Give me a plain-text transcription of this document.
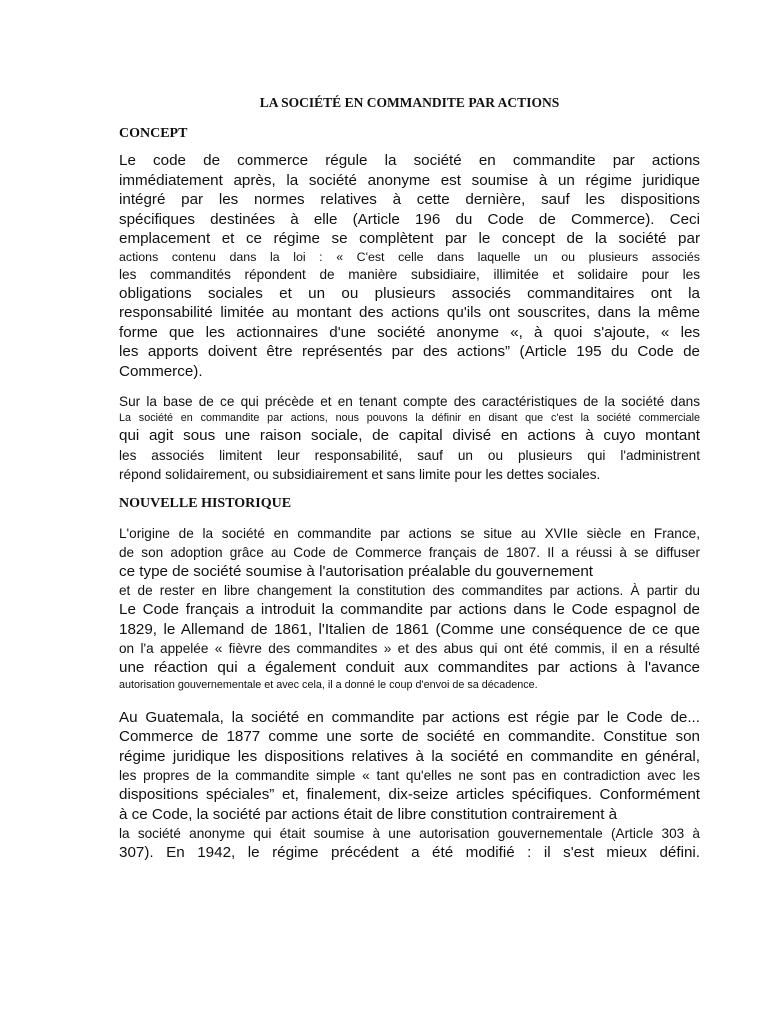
LA SOCIÉTÉ EN COMMANDITE PAR ACTIONS
CONCEPT
Le code de commerce régule la société en commandite par actions
immédiatement après, la société anonyme est soumise à un régime juridique
intégré par les normes relatives à cette dernière, sauf les dispositions
spécifiques destinées à elle (Article 196 du Code de Commerce). Ceci
emplacement et ce régime se complètent par le concept de la société par
actions contenu dans la loi : « C'est celle dans laquelle un ou plusieurs associés
les commandités répondent de manière subsidiaire, illimitée et solidaire pour les
obligations sociales et un ou plusieurs associés commanditaires ont la
responsabilité limitée au montant des actions qu'ils ont souscrites, dans la même
forme que les actionnaires d'une société anonyme «, à quoi s'ajoute, « les
les apports doivent être représentés par des actions” (Article 195 du Code de
Commerce).
Sur la base de ce qui précède et en tenant compte des caractéristiques de la société dans
La société en commandite par actions, nous pouvons la définir en disant que c'est la société commerciale
qui agit sous une raison sociale, de capital divisé en actions à cuyo montant
les associés limitent leur responsabilité, sauf un ou plusieurs qui l'administrent
répond solidairement, ou subsidiairement et sans limite pour les dettes sociales.
NOUVELLE HISTORIQUE
L'origine de la société en commandite par actions se situe au XVIIe siècle en France,
de son adoption grâce au Code de Commerce français de 1807. Il a réussi à se diffuser
ce type de société soumise à l'autorisation préalable du gouvernement
et de rester en libre changement la constitution des commandites par actions. À partir du
Le Code français a introduit la commandite par actions dans le Code espagnol de
1829, le Allemand de 1861, l'Italien de 1861 (Comme une conséquence de ce que
on l'a appelée « fièvre des commandites » et des abus qui ont été commis, il en a résulté
une réaction qui a également conduit aux commandites par actions à l'avance
autorisation gouvernementale et avec cela, il a donné le coup d'envoi de sa décadence.
Au Guatemala, la société en commandite par actions est régie par le Code de...
Commerce de 1877 comme une sorte de société en commandite. Constitue son
régime juridique les dispositions relatives à la société en commandite en général,
les propres de la commandite simple « tant qu'elles ne sont pas en contradiction avec les
dispositions spéciales” et, finalement, dix-seize articles spécifiques. Conformément
à ce Code, la société par actions était de libre constitution contrairement à
la société anonyme qui était soumise à une autorisation gouvernementale (Article 303 à
307). En 1942, le régime précédent a été modifié : il s'est mieux défini.
